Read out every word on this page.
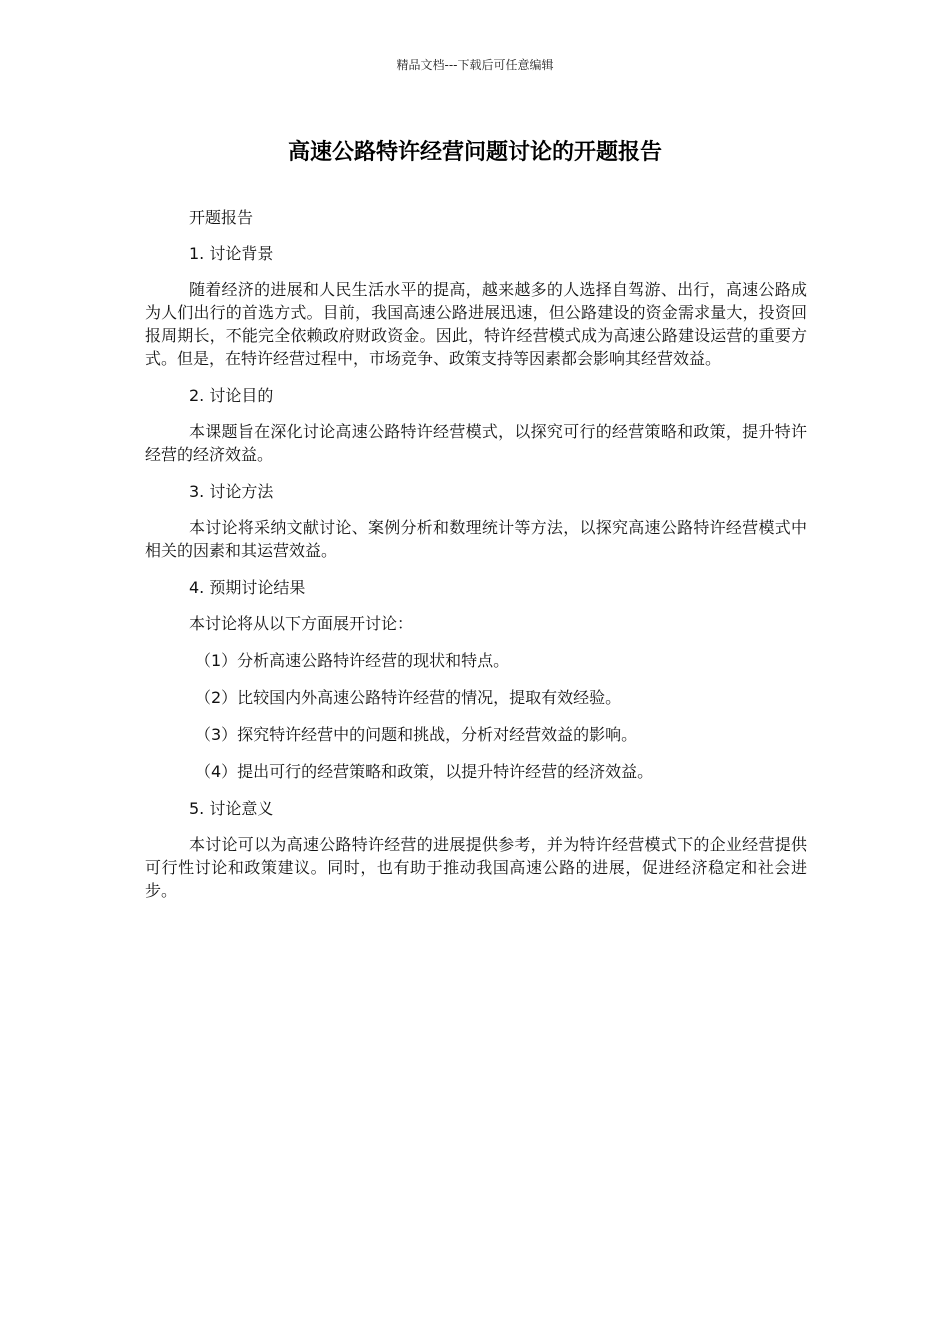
精品文档---下载后可任意编辑
高速公路特许经营问题讨论的开题报告

开题报告

1. 讨论背景

随着经济的进展和人民生活水平的提高，越来越多的人选择自驾游、出行，高速公路成为人们出行的首选方式。目前，我国高速公路进展迅速，但公路建设的资金需求量大，投资回报周期长，不能完全依赖政府财政资金。因此，特许经营模式成为高速公路建设运营的重要方式。但是，在特许经营过程中，市场竞争、政策支持等因素都会影响其经营效益。

2. 讨论目的

本课题旨在深化讨论高速公路特许经营模式，以探究可行的经营策略和政策，提升特许经营的经济效益。

3. 讨论方法

本讨论将采纳文献讨论、案例分析和数理统计等方法，以探究高速公路特许经营模式中相关的因素和其运营效益。

4. 预期讨论结果

本讨论将从以下方面展开讨论：

（1）分析高速公路特许经营的现状和特点。

（2）比较国内外高速公路特许经营的情况，提取有效经验。

（3）探究特许经营中的问题和挑战，分析对经营效益的影响。

（4）提出可行的经营策略和政策，以提升特许经营的经济效益。

5. 讨论意义

本讨论可以为高速公路特许经营的进展提供参考，并为特许经营模式下的企业经营提供可行性讨论和政策建议。同时，也有助于推动我国高速公路的进展，促进经济稳定和社会进步。
